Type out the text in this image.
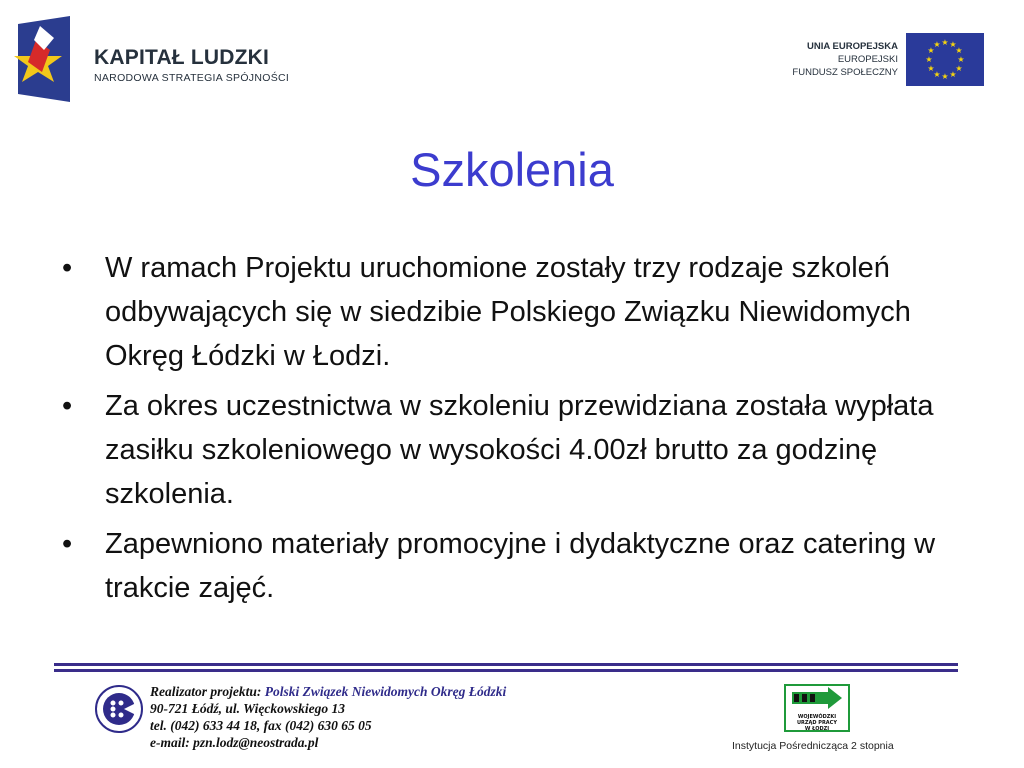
KAPITAŁ LUDZKI
NARODOWA STRATEGIA SPÓJNOŚCI
UNIA EUROPEJSKA
EUROPEJSKI
FUNDUSZ SPOŁECZNY
★ ★
★
★
★
★
★
★
★
★
★
★
Szkolenia
• W ramach Projektu uruchomione zostały trzy rodzaje szkoleń odbywających się w siedzibie Polskiego Związku Niewidomych Okręg Łódzki w Łodzi.
• Za okres uczestnictwa w szkoleniu przewidziana została wypłata zasiłku szkoleniowego w wysokości 4.00zł brutto za godzinę szkolenia.
• Zapewniono materiały promocyjne i dydaktyczne oraz catering w trakcie zajęć.
Realizator projektu: Polski Związek Niewidomych Okręg Łódzki
90-721 Łódź, ul. Więckowskiego 13
tel. (042) 633 44 18, fax (042) 630 65 05
e-mail: pzn.lodz@neostrada.pl
WOJEWÓDZKI
URZĄD PRACY
W ŁODZI
Instytucja Pośrednicząca 2 stopnia
